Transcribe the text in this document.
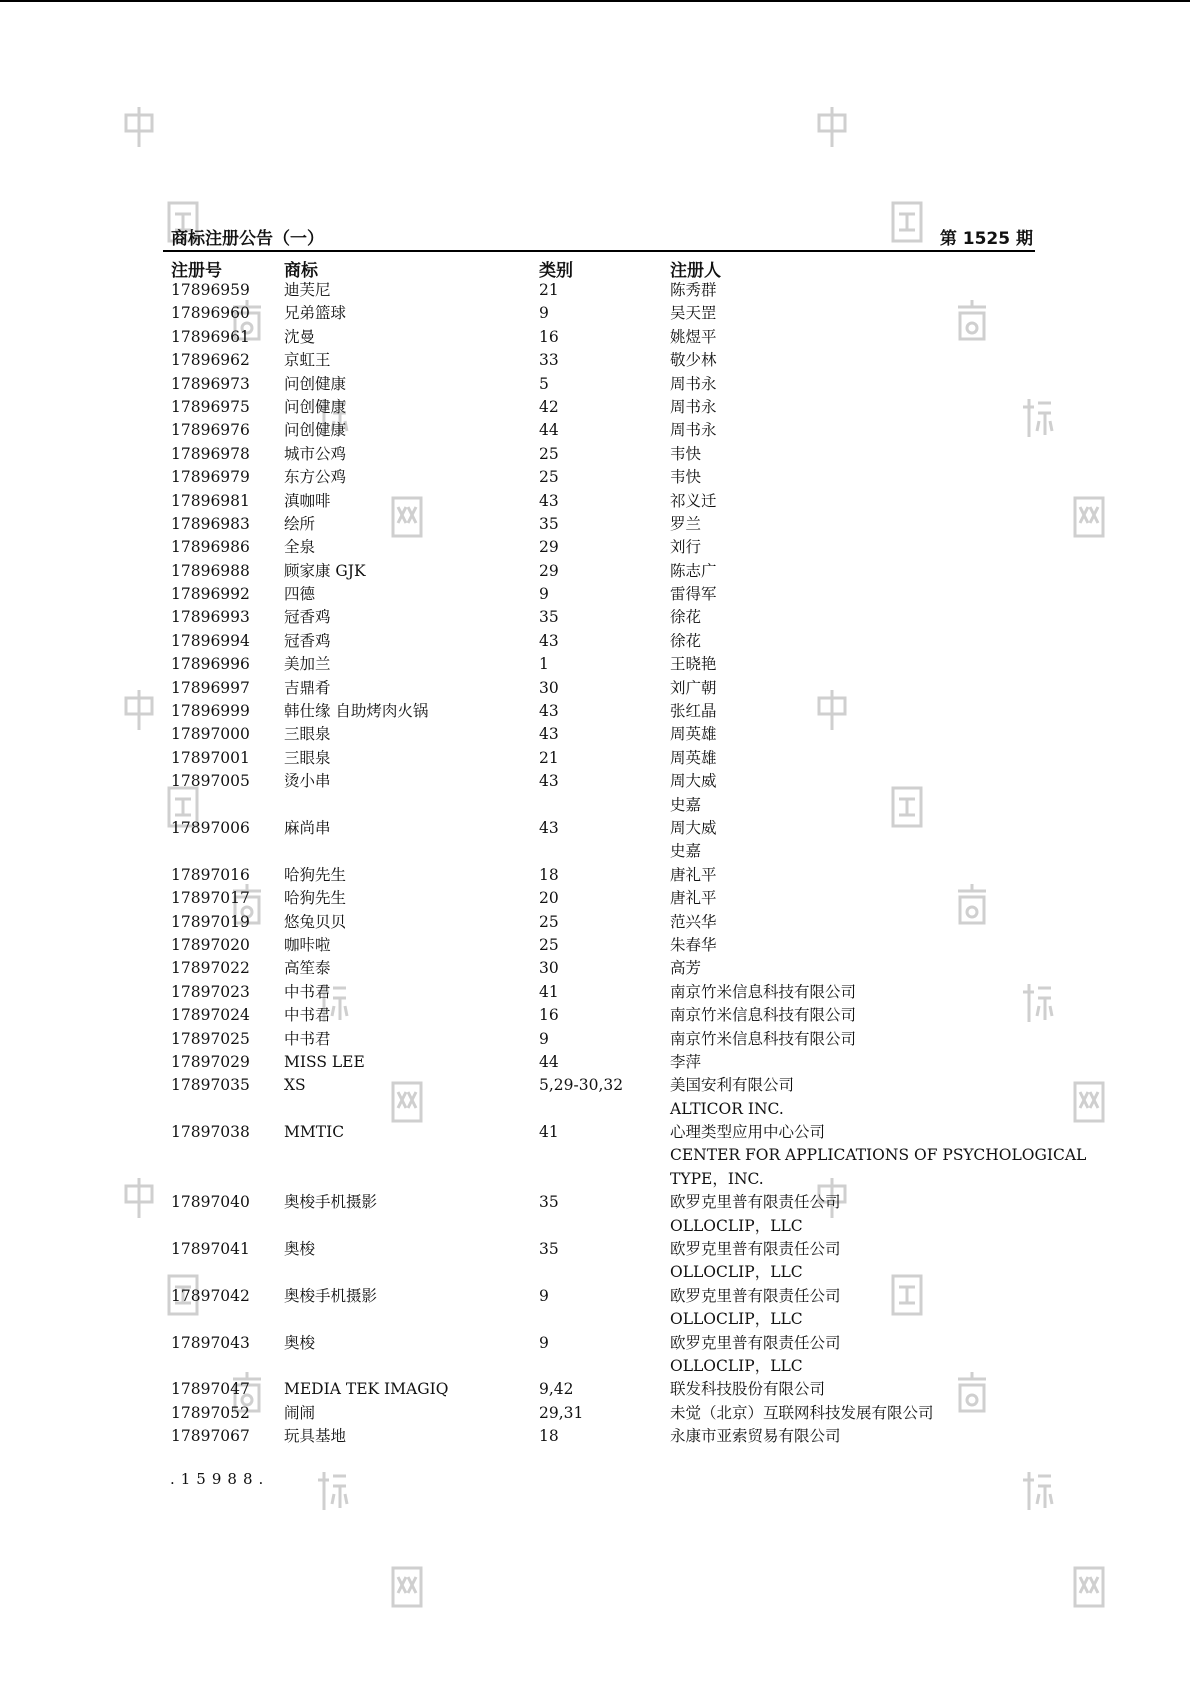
商标注册公告（一）	第 1525 期
注册号	商标	类别	注册人
17896959 迪芙尼	21	陈秀群
17896960 兄弟篮球	9	吴天罡
17896961 沈曼	16	姚煜平
17896962 京虹王	33	敬少林
17896973 问创健康	5	周书永
17896975 问创健康	42	周书永
17896976 问创健康	44	周书永
17896978 城市公鸡	25	韦快
17896979 东方公鸡	25	韦快
17896981 滇咖啡	43	祁义迁
17896983 绘所	35	罗兰
17896986 全泉	29	刘行
17896988 顾家康 GJK	29	陈志广
17896992 四德	9	雷得军
17896993 冠香鸡	35	徐花
17896994 冠香鸡	43	徐花
17896996 美加兰	1	王晓艳
17896997 吉鼎肴	30	刘广朝
17896999 韩仕缘 自助烤肉火锅	43	张红晶
17897000 三眼泉	43	周英雄
17897001 三眼泉	21	周英雄
17897005 烫小串	43	周大威
史嘉
17897006 麻尚串	43	周大威
史嘉
17897016 哈狗先生	18	唐礼平
17897017 哈狗先生	20	唐礼平
17897019 悠兔贝贝	25	范兴华
17897020 咖咔啦	25	朱春华
17897022 高笙泰	30	高芳
17897023 中书君	41	南京竹米信息科技有限公司
17897024 中书君	16	南京竹米信息科技有限公司
17897025 中书君	9	南京竹米信息科技有限公司
17897029 MISS LEE	44	李萍
17897035 XS	5,29-30,32	美国安利有限公司
ALTICOR INC.
17897038 MMTIC	41	心理类型应用中心公司
CENTER FOR APPLICATIONS OF PSYCHOLOGICAL
TYPE，INC.
17897040 奥梭手机摄影	35	欧罗克里普有限责任公司
OLLOCLIP，LLC
17897041 奥梭	35	欧罗克里普有限责任公司
OLLOCLIP，LLC
17897042 奥梭手机摄影	9	欧罗克里普有限责任公司
OLLOCLIP，LLC
17897043 奥梭	9	欧罗克里普有限责任公司
OLLOCLIP，LLC
17897047 MEDIA TEK IMAGIQ	9,42	联发科技股份有限公司
17897052 闹闹	29,31	未觉（北京）互联网科技发展有限公司
17897067 玩具基地	18	永康市亚索贸易有限公司
.15988.
